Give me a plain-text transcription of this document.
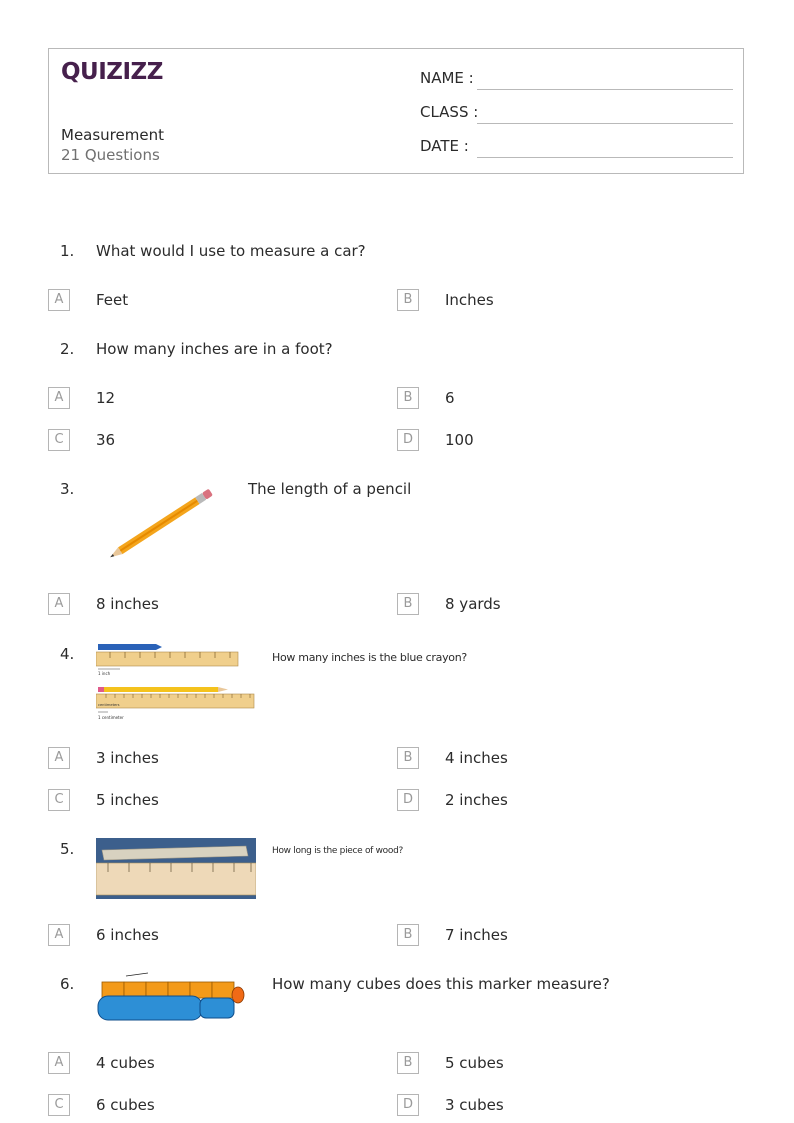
QUIZIZZ
Measurement
21 Questions
NAME :
CLASS :
DATE :
1. What would I use to measure a car?
A	Feet	B	Inches
2. How many inches are in a foot?
A	12	B	6
C	36	D	100
3.	The length of a pencil
A	8 inches	B	8 yards
4.
1 inch
centimeters
1 centimeter
How many inches is the blue crayon?
A	3 inches	B	4 inches
C	5 inches	D	2 inches
5.	How long is the piece of wood?
A	6 inches	B	7 inches
6.	How many cubes does this marker measure?
A	4 cubes	B	5 cubes
C	6 cubes	D	3 cubes
